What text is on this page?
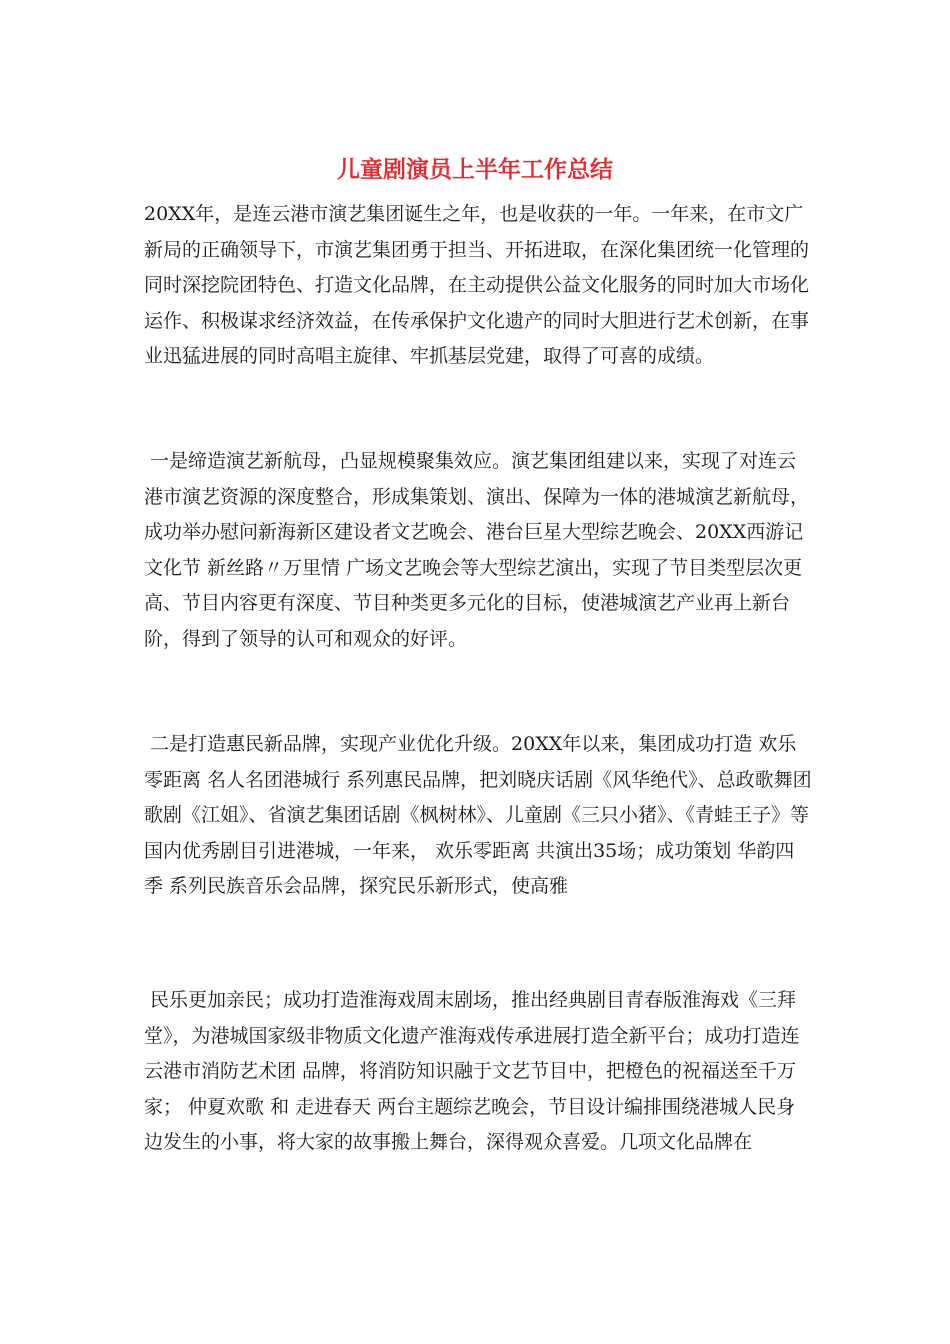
儿童剧演员上半年工作总结

20XX年，是连云港市演艺集团诞生之年，也是收获的一年。一年来，在市文广新局的正确领导下，市演艺集团勇于担当、开拓进取，在深化集团统一化管理的同时深挖院团特色、打造文化品牌，在主动提供公益文化服务的同时加大市场化运作、积极谋求经济效益，在传承保护文化遗产的同时大胆进行艺术创新，在事业迅猛进展的同时高唱主旋律、牢抓基层党建，取得了可喜的成绩。

一是缔造演艺新航母，凸显规模聚集效应。演艺集团组建以来，实现了对连云港市演艺资源的深度整合，形成集策划、演出、保障为一体的港城演艺新航母，成功举办慰问新海新区建设者文艺晚会、港台巨星大型综艺晚会、20XX西游记文化节 新丝路〃万里情 广场文艺晚会等大型综艺演出，实现了节目类型层次更高、节目内容更有深度、节目种类更多元化的目标，使港城演艺产业再上新台阶，得到了领导的认可和观众的好评。

二是打造惠民新品牌，实现产业优化升级。20XX年以来，集团成功打造 欢乐零距离 名人名团港城行 系列惠民品牌，把刘晓庆话剧《风华绝代》、总政歌舞团歌剧《江姐》、省演艺集团话剧《枫树林》、儿童剧《三只小猪》、《青蛙王子》等国内优秀剧目引进港城，一年来， 欢乐零距离 共演出35场；成功策划 华韵四季 系列民族音乐会品牌，探究民乐新形式，使高雅

民乐更加亲民；成功打造淮海戏周末剧场，推出经典剧目青春版淮海戏《三拜堂》，为港城国家级非物质文化遗产淮海戏传承进展打造全新平台；成功打造连云港市消防艺术团 品牌，将消防知识融于文艺节目中，把橙色的祝福送至千万家； 仲夏欢歌 和 走进春天 两台主题综艺晚会，节目设计编排围绕港城人民身边发生的小事，将大家的故事搬上舞台，深得观众喜爱。几项文化品牌在
